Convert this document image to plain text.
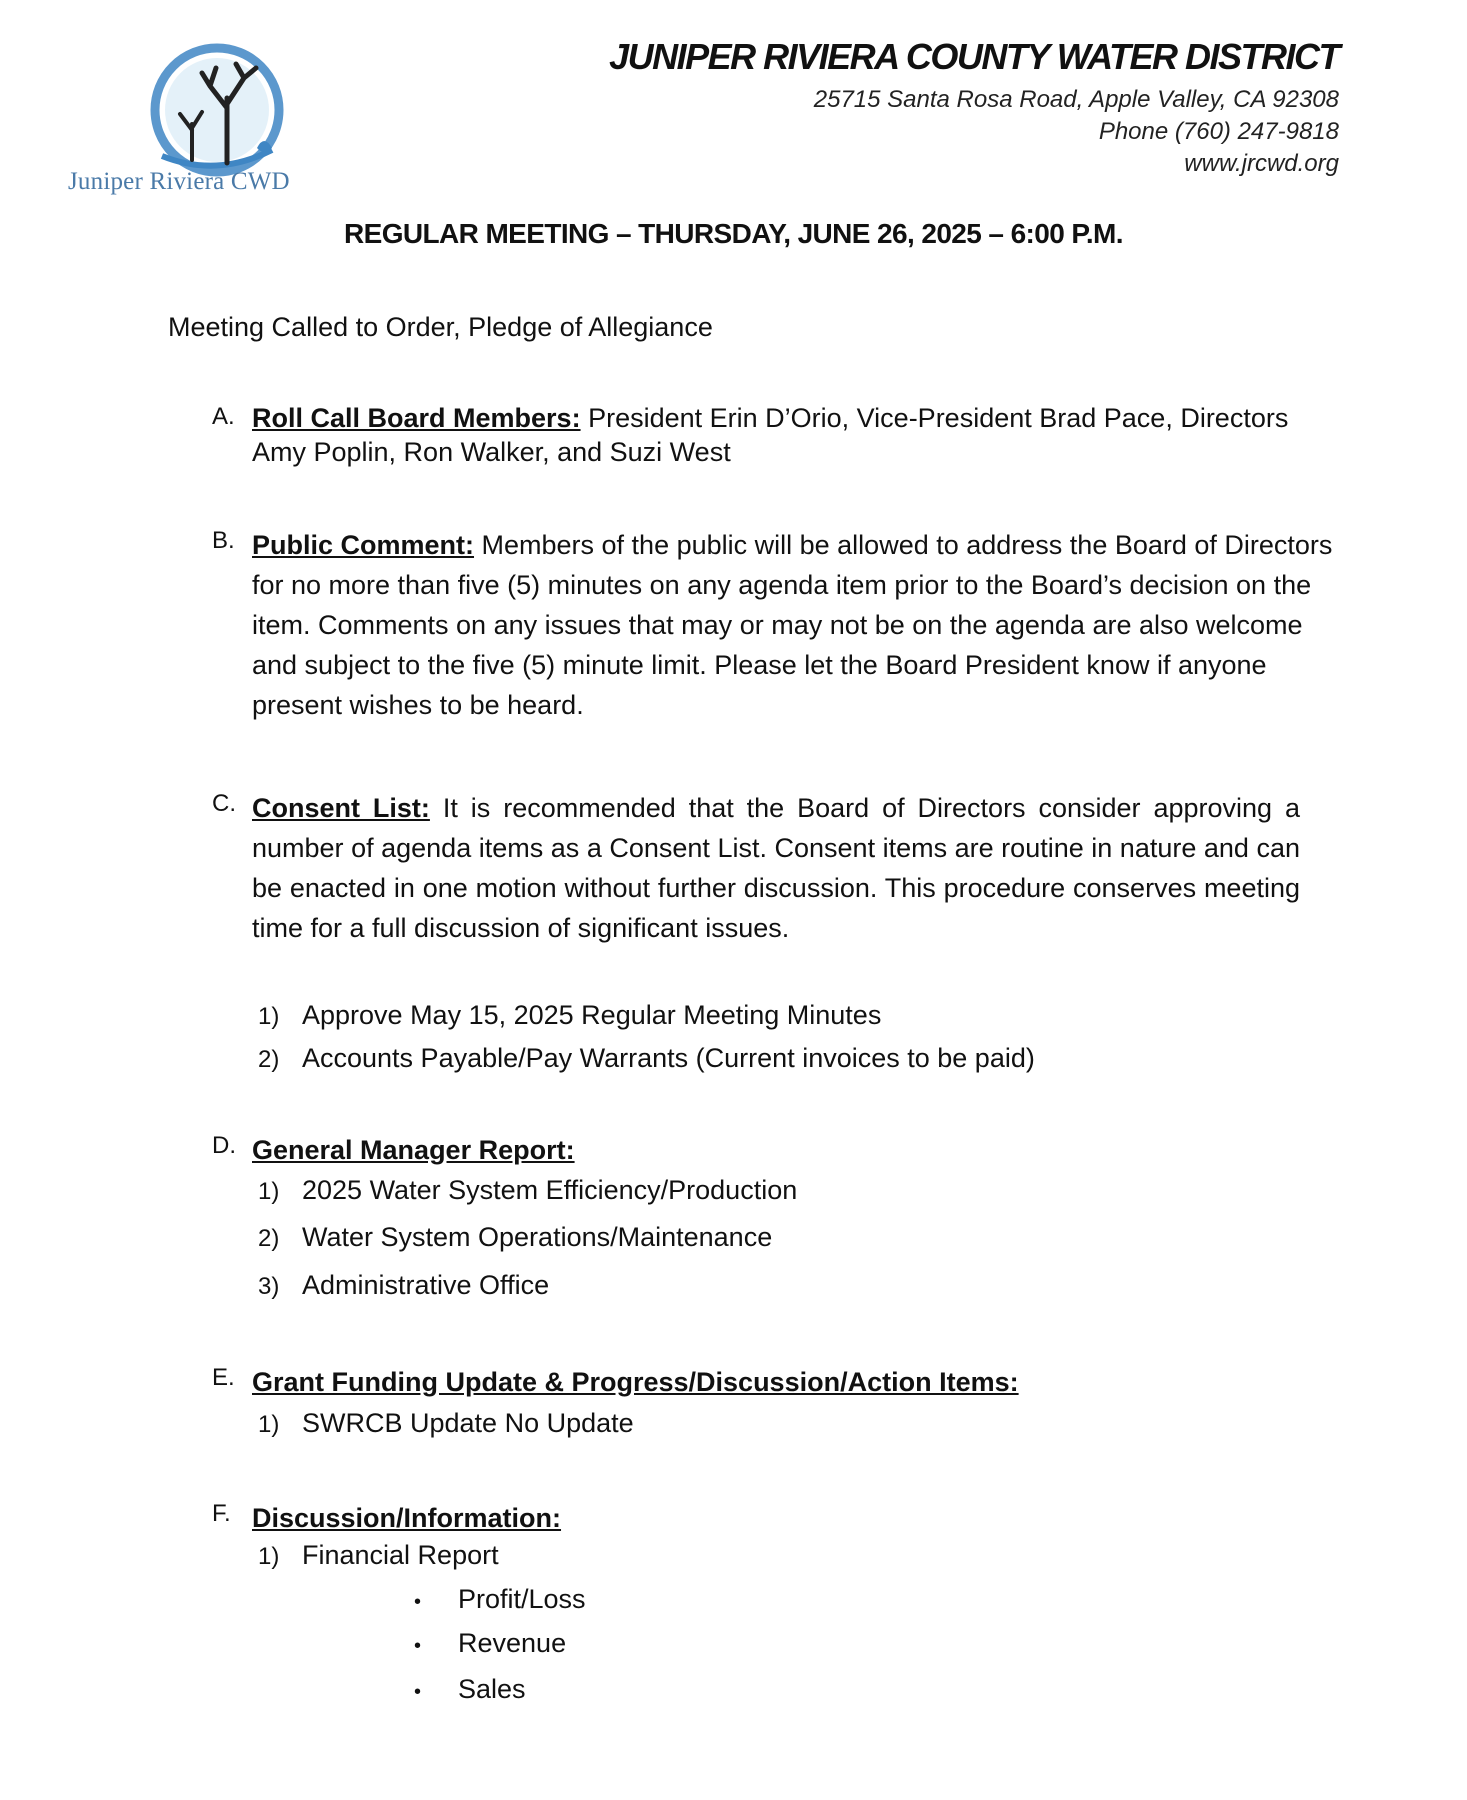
Juniper Riviera CWD
JUNIPER RIVIERA COUNTY WATER DISTRICT
25715 Santa Rosa Road, Apple Valley, CA 92308
Phone (760) 247-9818
www.jrcwd.org
REGULAR MEETING – THURSDAY, JUNE 26, 2025 – 6:00 P.M.
Meeting Called to Order, Pledge of Allegiance
A. Roll Call Board Members: President Erin D’Orio, Vice-President Brad Pace, Directors Amy Poplin, Ron Walker, and Suzi West
B. Public Comment: Members of the public will be allowed to address the Board of Directors for no more than five (5) minutes on any agenda item prior to the Board’s decision on the item. Comments on any issues that may or may not be on the agenda are also welcome and subject to the five (5) minute limit. Please let the Board President know if anyone present wishes to be heard.
C. Consent List: It is recommended that the Board of Directors consider approving a number of agenda items as a Consent List. Consent items are routine in nature and can be enacted in one motion without further discussion. This procedure conserves meeting time for a full discussion of significant issues.
1) Approve May 15, 2025 Regular Meeting Minutes
2) Accounts Payable/Pay Warrants (Current invoices to be paid)
D. General Manager Report:
1) 2025 Water System Efficiency/Production
2) Water System Operations/Maintenance
3) Administrative Office
E. Grant Funding Update & Progress/Discussion/Action Items:
1) SWRCB Update No Update
F. Discussion/Information:
1) Financial Report
• Profit/Loss
• Revenue
• Sales
